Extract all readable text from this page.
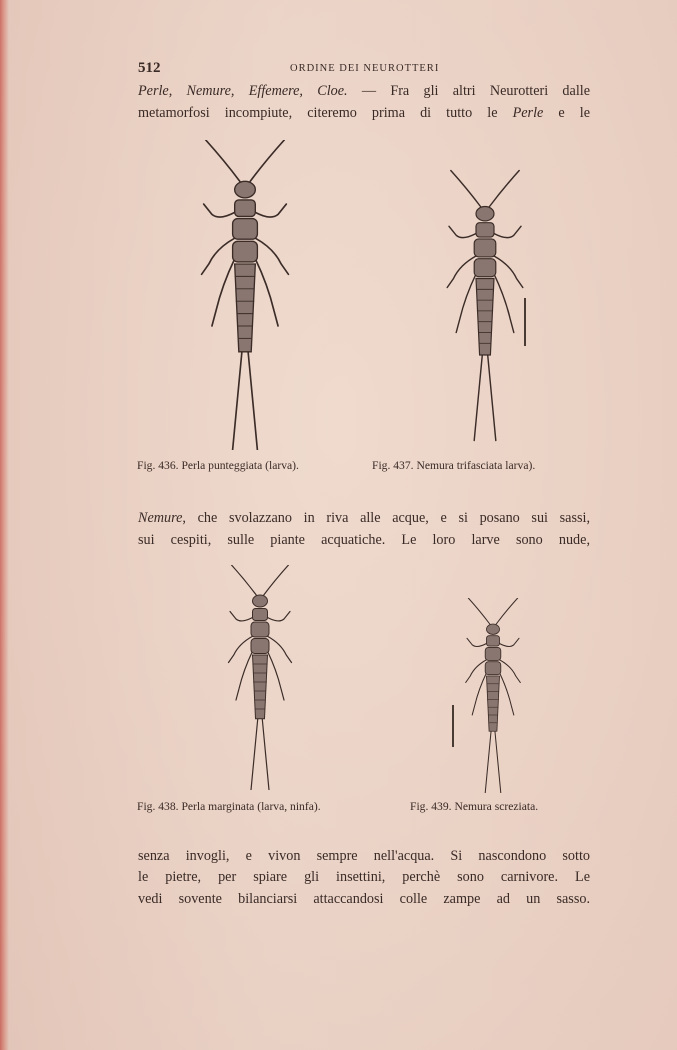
512	ORDINE DEI NEUROTTERI
Perle, Nemure, Effemere, Cloe. — Fra gli altri Neurotteri dalle
metamorfosi incompiute, citeremo prima di tutto le Perle e le
Nemure, che svolazzano in riva alle acque, e si posano sui sassi,
sui cespiti, sulle piante acquatiche. Le loro larve sono nude,
senza invogli, e vivon sempre nell'acqua. Si nascondono sotto
le pietre, per spiare gli insettini, perchè sono carnivore. Le
vedi sovente bilanciarsi attaccandosi colle zampe ad un sasso.
Fig. 436. Perla punteggiata (larva).	Fig. 437. Nemura trifasciata larva).
Fig. 438. Perla marginata (larva, ninfa).	Fig. 439. Nemura screziata.
